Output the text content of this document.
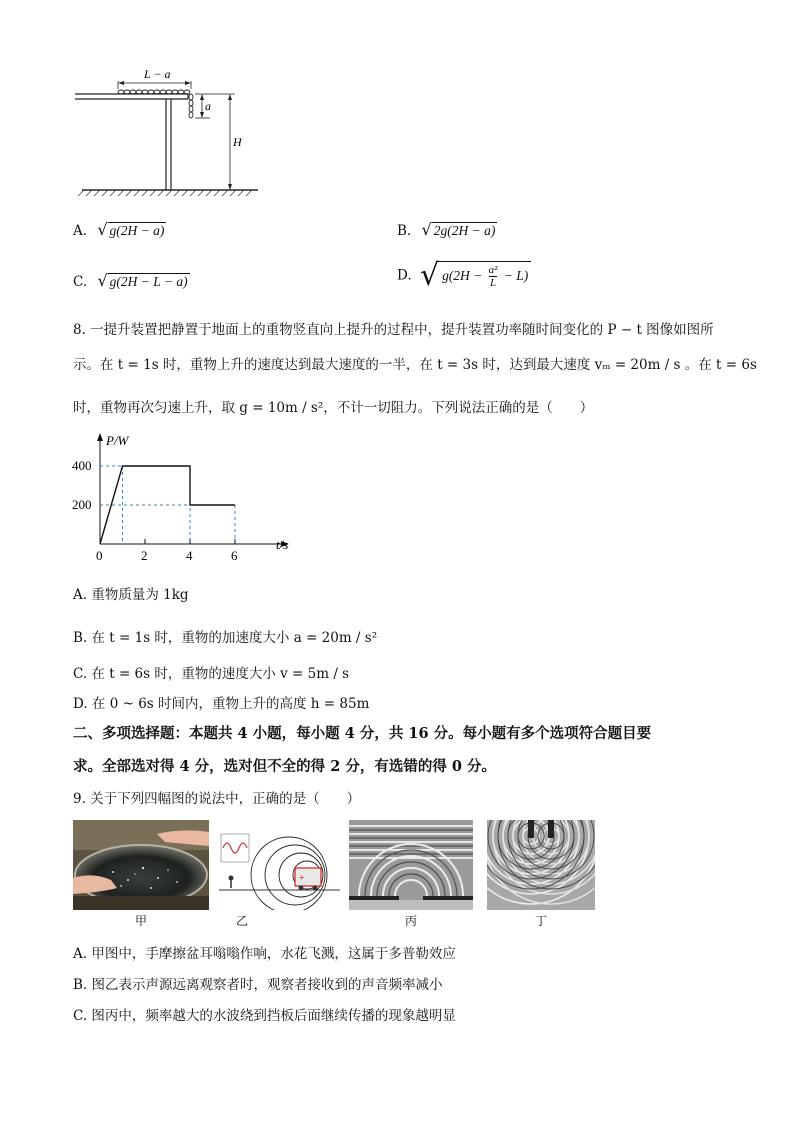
L − a
a
H
A. √ g(2H − a)	B. √ 2g(2H − a)
C. √ g(2H − L − a)	D. √ $g(2H - \frac{\text{a²}}{L} - L)$
8. 一提升装置把静置于地面上的重物竖直向上提升的过程中，提升装置功率随时间变化的 P − t 图像如图所
示。在 t = 1s 时，重物上升的速度达到最大速度的一半，在 t = 3s 时，达到最大速度 vₘ = 20m / s 。在 t = 6s
时，重物再次匀速上升，取 g = 10m / s²，不计一切阻力。下列说法正确的是（　　）
0	2	4	6
200
400
P/W
t/s
A. 重物质量为 1kg
B. 在 t = 1s 时，重物的加速度大小 a = 20m / s²
C. 在 t = 6s 时，重物的速度大小 v = 5m / s
D. 在 0 ~ 6s 时间内，重物上升的高度 h = 85m
二、多项选择题：本题共 4 小题，每小题 4 分，共 16 分。每小题有多个选项符合题目要
求。全部选对得 4 分，选对但不全的得 2 分，有选错的得 0 分。
9. 关于下列四幅图的说法中，正确的是（　　）
甲
+
乙	丙	丁
A. 甲图中，手摩擦盆耳嗡嗡作响，水花飞溅，这属于多普勒效应
B. 图乙表示声源远离观察者时，观察者接收到的声音频率减小
C. 图丙中，频率越大的水波绕到挡板后面继续传播的现象越明显
